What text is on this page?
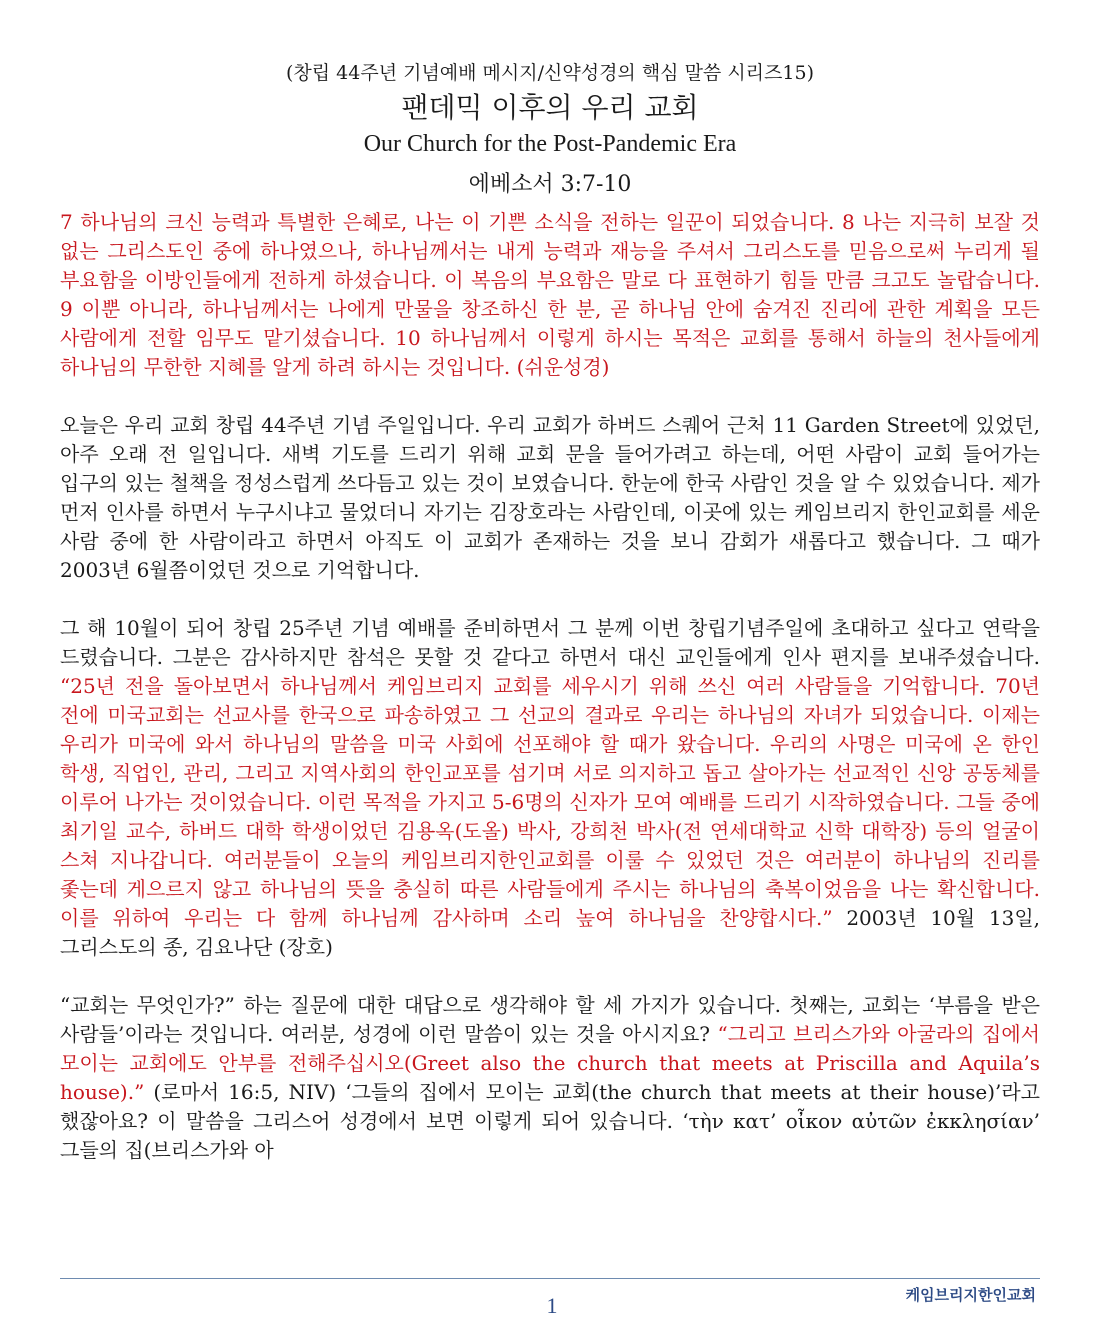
(창립 44주년 기념예배 메시지/신약성경의 핵심 말씀 시리즈15)

팬데믹 이후의 우리 교회

Our Church for the Post-Pandemic Era

에베소서 3:7-10

7 하나님의 크신 능력과 특별한 은혜로, 나는 이 기쁜 소식을 전하는 일꾼이 되었습니다. 8 나는 지극히 보잘 것 없는 그리스도인 중에 하나였으나, 하나님께서는 내게 능력과 재능을 주셔서 그리스도를 믿음으로써 누리게 될 부요함을 이방인들에게 전하게 하셨습니다. 이 복음의 부요함은 말로 다 표현하기 힘들 만큼 크고도 놀랍습니다. 9 이뿐 아니라, 하나님께서는 나에게 만물을 창조하신 한 분, 곧 하나님 안에 숨겨진 진리에 관한 계획을 모든 사람에게 전할 임무도 맡기셨습니다. 10 하나님께서 이렇게 하시는 목적은 교회를 통해서 하늘의 천사들에게 하나님의 무한한 지혜를 알게 하려 하시는 것입니다. (쉬운성경)

오늘은 우리 교회 창립 44주년 기념 주일입니다. 우리 교회가 하버드 스퀘어 근처 11 Garden Street에 있었던, 아주 오래 전 일입니다. 새벽 기도를 드리기 위해 교회 문을 들어가려고 하는데, 어떤 사람이 교회 들어가는 입구의 있는 철책을 정성스럽게 쓰다듬고 있는 것이 보였습니다. 한눈에 한국 사람인 것을 알 수 있었습니다. 제가 먼저 인사를 하면서 누구시냐고 물었더니 자기는 김장호라는 사람인데, 이곳에 있는 케임브리지 한인교회를 세운 사람 중에 한 사람이라고 하면서 아직도 이 교회가 존재하는 것을 보니 감회가 새롭다고 했습니다. 그 때가 2003년 6월쯤이었던 것으로 기억합니다.

그 해 10월이 되어 창립 25주년 기념 예배를 준비하면서 그 분께 이번 창립기념주일에 초대하고 싶다고 연락을 드렸습니다. 그분은 감사하지만 참석은 못할 것 같다고 하면서 대신 교인들에게 인사 편지를 보내주셨습니다. “25년 전을 돌아보면서 하나님께서 케임브리지 교회를 세우시기 위해 쓰신 여러 사람들을 기억합니다. 70년 전에 미국교회는 선교사를 한국으로 파송하였고 그 선교의 결과로 우리는 하나님의 자녀가 되었습니다. 이제는 우리가 미국에 와서 하나님의 말씀을 미국 사회에 선포해야 할 때가 왔습니다. 우리의 사명은 미국에 온 한인 학생, 직업인, 관리, 그리고 지역사회의 한인교포를 섬기며 서로 의지하고 돕고 살아가는 선교적인 신앙 공동체를 이루어 나가는 것이었습니다. 이런 목적을 가지고 5-6명의 신자가 모여 예배를 드리기 시작하였습니다. 그들 중에 최기일 교수, 하버드 대학 학생이었던 김용옥(도올) 박사, 강희천 박사(전 연세대학교 신학 대학장) 등의 얼굴이 스쳐 지나갑니다. 여러분들이 오늘의 케임브리지한인교회를 이룰 수 있었던 것은 여러분이 하나님의 진리를 좇는데 게으르지 않고 하나님의 뜻을 충실히 따른 사람들에게 주시는 하나님의 축복이었음을 나는 확신합니다. 이를 위하여 우리는 다 함께 하나님께 감사하며 소리 높여 하나님을 찬양합시다.” 2003년 10월 13일, 그리스도의 종, 김요나단 (장호)

“교회는 무엇인가?” 하는 질문에 대한 대답으로 생각해야 할 세 가지가 있습니다. 첫째는, 교회는 ‘부름을 받은 사람들’이라는 것입니다. 여러분, 성경에 이런 말씀이 있는 것을 아시지요? “그리고 브리스가와 아굴라의 집에서 모이는 교회에도 안부를 전해주십시오(Greet also the church that meets at Priscilla and Aquila’s house).” (로마서 16:5, NIV) ‘그들의 집에서 모이는 교회(the church that meets at their house)’라고 했잖아요? 이 말씀을 그리스어 성경에서 보면 이렇게 되어 있습니다. ‘τὴν κατ’ οἶκον αὐτῶν ἐκκλησίαν’ 그들의 집(브리스가와 아

1	케임브리지한인교회
